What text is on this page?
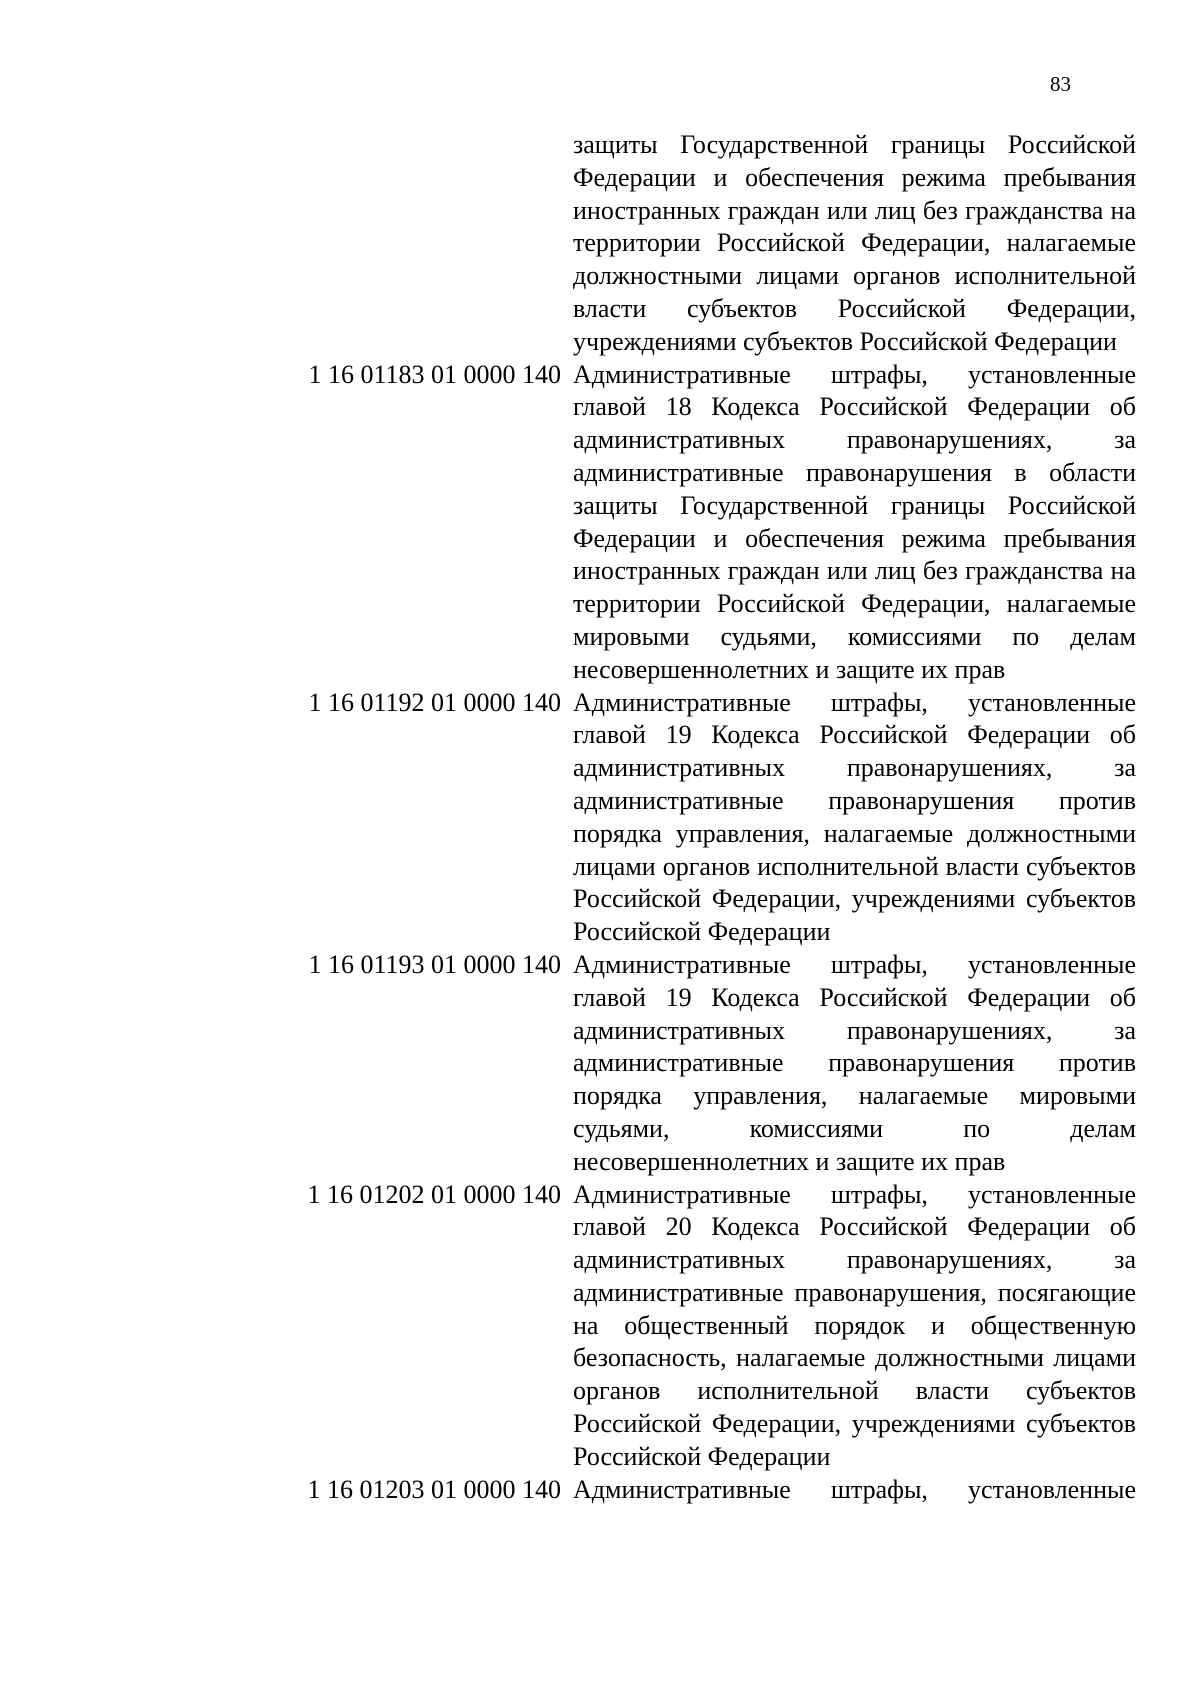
83
защиты Государственной границы Российской Федерации и обеспечения режима пребывания иностранных граждан или лиц без гражданства на территории Российской Федерации, налагаемые должностными лицами органов исполнительной власти субъектов Российской Федерации, учреждениями субъектов Российской Федерации
1 16 01183 01 0000 140 Административные штрафы, установленные главой 18 Кодекса Российской Федерации об административных правонарушениях, за административные правонарушения в области защиты Государственной границы Российской Федерации и обеспечения режима пребывания иностранных граждан или лиц без гражданства на территории Российской Федерации, налагаемые мировыми судьями, комиссиями по делам несовершеннолетних и защите их прав
1 16 01192 01 0000 140 Административные штрафы, установленные главой 19 Кодекса Российской Федерации об административных правонарушениях, за административные правонарушения против порядка управления, налагаемые должностными лицами органов исполнительной власти субъектов Российской Федерации, учреждениями субъектов Российской Федерации
1 16 01193 01 0000 140 Административные штрафы, установленные главой 19 Кодекса Российской Федерации об административных правонарушениях, за административные правонарушения против порядка управления, налагаемые мировыми судьями, комиссиями по делам несовершеннолетних и защите их прав
1 16 01202 01 0000 140 Административные штрафы, установленные главой 20 Кодекса Российской Федерации об административных правонарушениях, за административные правонарушения, посягающие на общественный порядок и общественную безопасность, налагаемые должностными лицами органов исполнительной власти субъектов Российской Федерации, учреждениями субъектов Российской Федерации
1 16 01203 01 0000 140 Административные штрафы, установленные
